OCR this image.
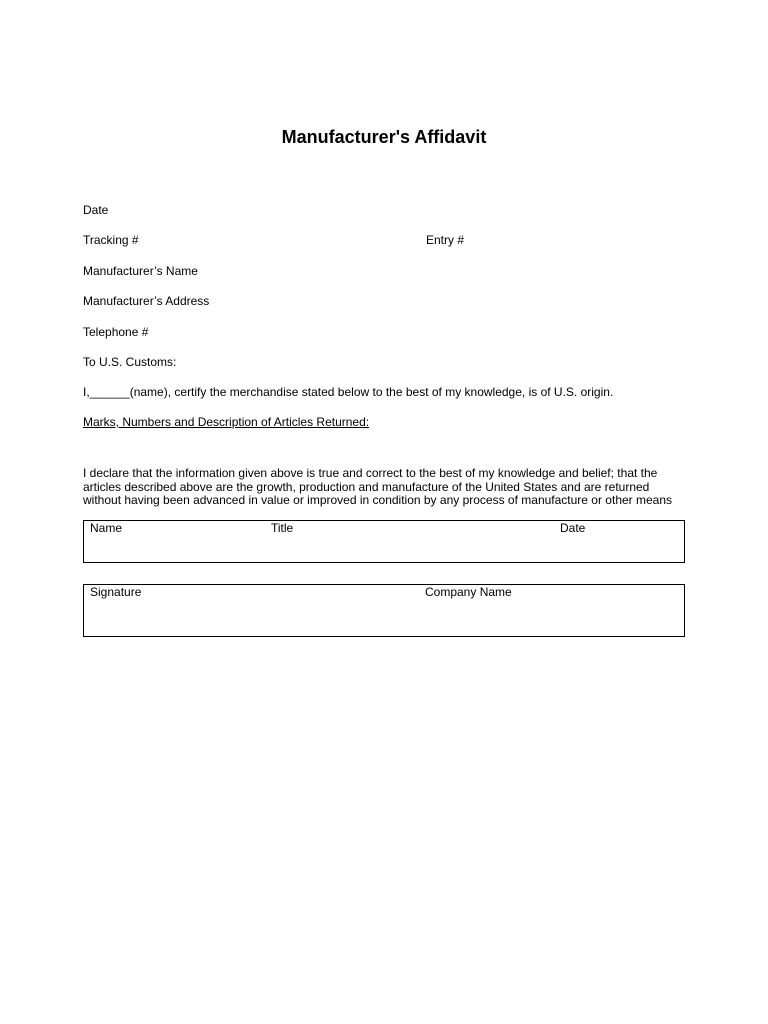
Manufacturer's Affidavit
Date
Tracking #	Entry #
Manufacturer’s Name
Manufacturer’s Address
Telephone #
To U.S. Customs:
I,______(name), certify the merchandise stated below to the best of my knowledge, is of U.S. origin.
Marks, Numbers and Description of Articles Returned:
I declare that the information given above is true and correct to the best of my knowledge and belief; that the
articles described above are the growth, production and manufacture of the United States and are returned
without having been advanced in value or improved in condition by any process of manufacture or other means
Name	Title	Date
Signature	Company Name
